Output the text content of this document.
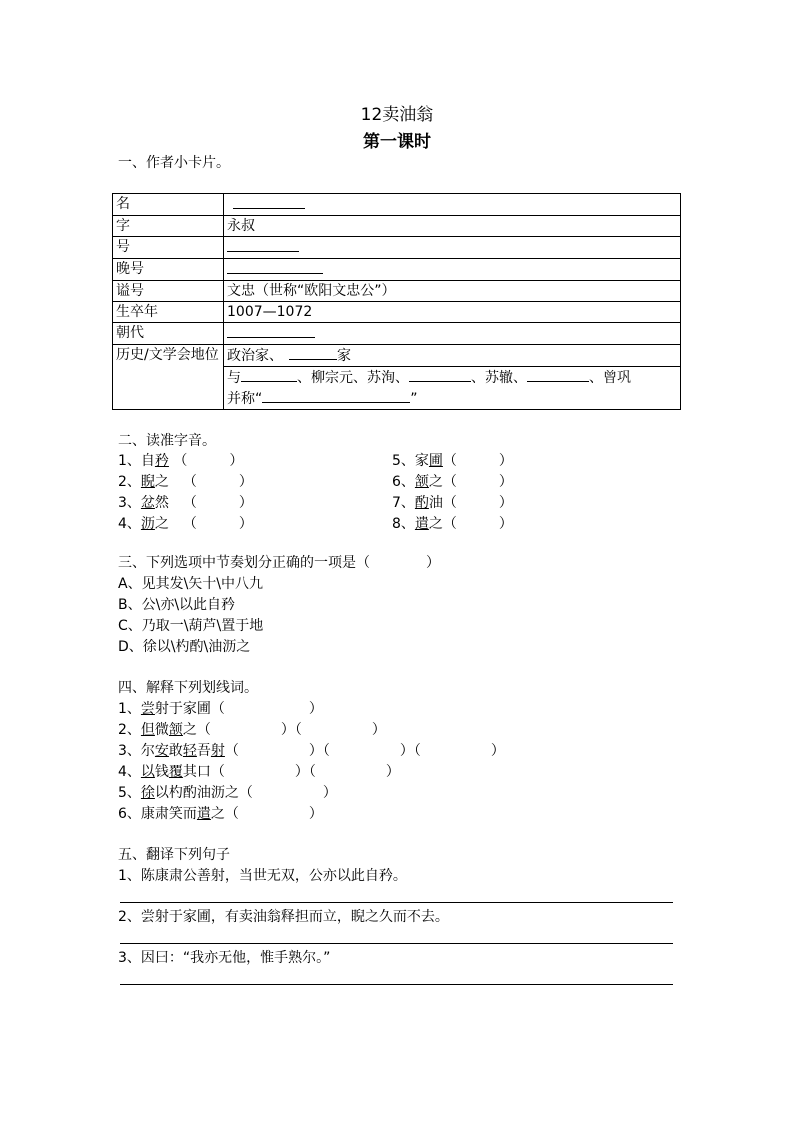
12卖油翁
第一课时
一、作者小卡片。
名	
字	永叔
号	
晚号	
谥号	文忠（世称“欧阳文忠公”）
生卒年	1007—1072
朝代	
历史/文学会地位	政治家、 家
	与 、柳宗元、苏洵、 、苏辙、 、曾巩
并称“ ”
二、读准字音。
1、自矜 （　　　）
2、睨之　 （　　　）
3、忿然　 （　　　）
4、沥之　 （　　　）
5、家圃（　　　）
6、颔之（　　　）
7、酌油（　　　）
8、遣之（　　　）
三、下列选项中节奏划分正确的一项是（　　　　）
A、见其发\矢十\中八九
B、公\亦\以此自矜
C、乃取一\葫芦\置于地
D、徐以\杓酌\油沥之
四、解释下列划线词。
1、尝射于家圃（　　　　　　）
2、但微颔之（　　　　　）（　　　　　）
3、尔安敢轻吾射（　　　　　）（　　　　　）（　　　　　）
4、以钱覆其口（　　　　　）（　　　　　）
5、徐以杓酌油沥之（　　　　　）
6、康肃笑而遣之（　　　　　）
五、翻译下列句子
1、陈康肃公善射，当世无双，公亦以此自矜。
2、尝射于家圃，有卖油翁释担而立，睨之久而不去。
3、因曰：“我亦无他，惟手熟尔。”
